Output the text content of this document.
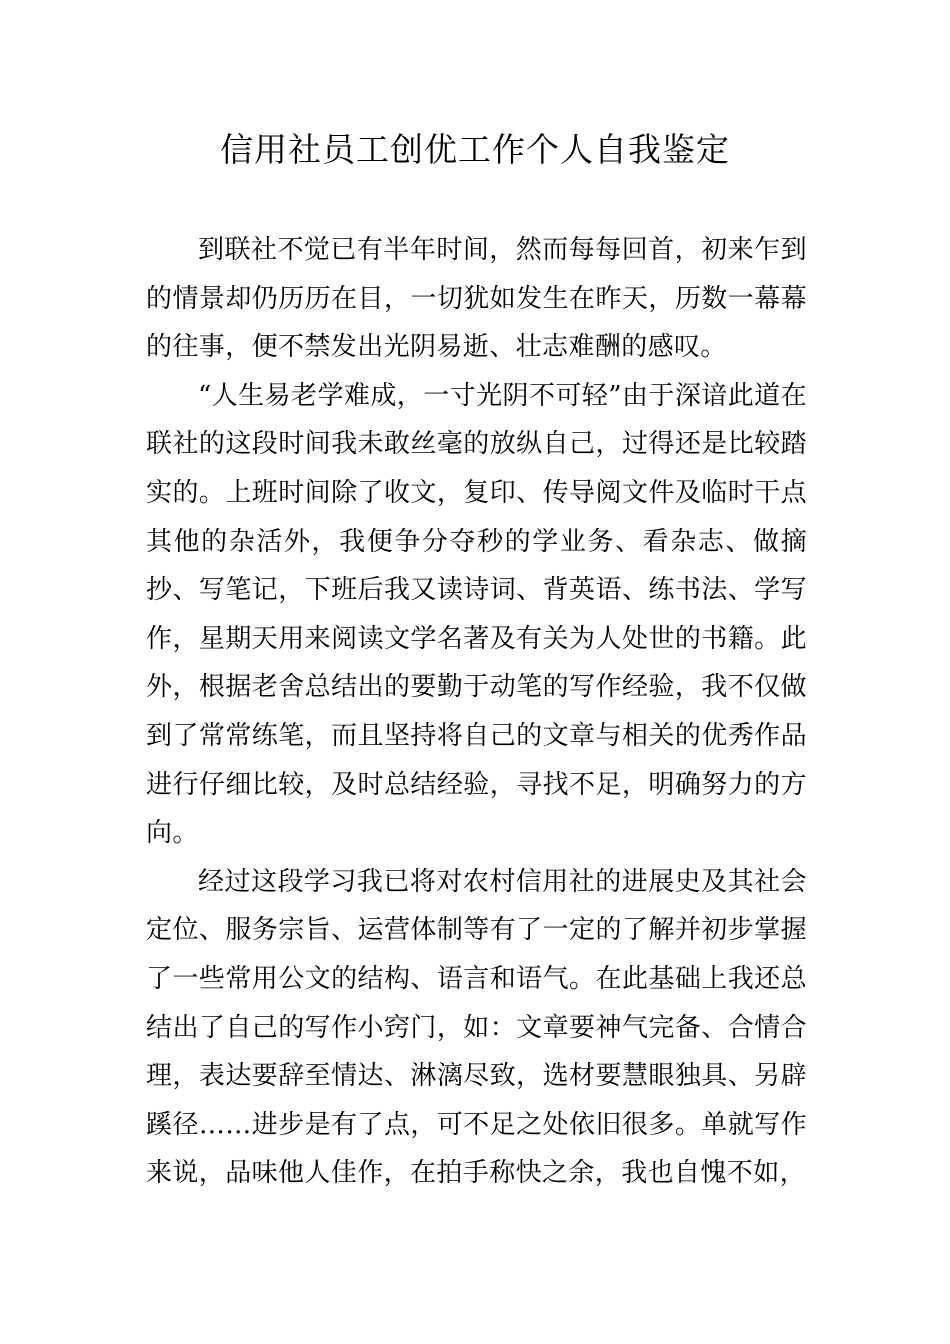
信用社员工创优工作个人自我鉴定

到联社不觉已有半年时间，然而每每回首，初来乍到的情景却仍历历在目，一切犹如发生在昨天，历数一幕幕的往事，便不禁发出光阴易逝、壮志难酬的感叹。

“人生易老学难成，一寸光阴不可轻”由于深谙此道在联社的这段时间我未敢丝毫的放纵自己，过得还是比较踏实的。上班时间除了收文，复印、传导阅文件及临时干点其他的杂活外，我便争分夺秒的学业务、看杂志、做摘抄、写笔记，下班后我又读诗词、背英语、练书法、学写作，星期天用来阅读文学名著及有关为人处世的书籍。此外，根据老舍总结出的要勤于动笔的写作经验，我不仅做到了常常练笔，而且坚持将自己的文章与相关的优秀作品进行仔细比较，及时总结经验，寻找不足，明确努力的方向。

经过这段学习我已将对农村信用社的进展史及其社会定位、服务宗旨、运营体制等有了一定的了解并初步掌握了一些常用公文的结构、语言和语气。在此基础上我还总结出了自己的写作小窍门，如：文章要神气完备、合情合理，表达要辞至情达、淋漓尽致，选材要慧眼独具、另辟蹊径……进步是有了点，可不足之处依旧很多。单就写作来说，品味他人佳作，在拍手称快之余，我也自愧不如，
